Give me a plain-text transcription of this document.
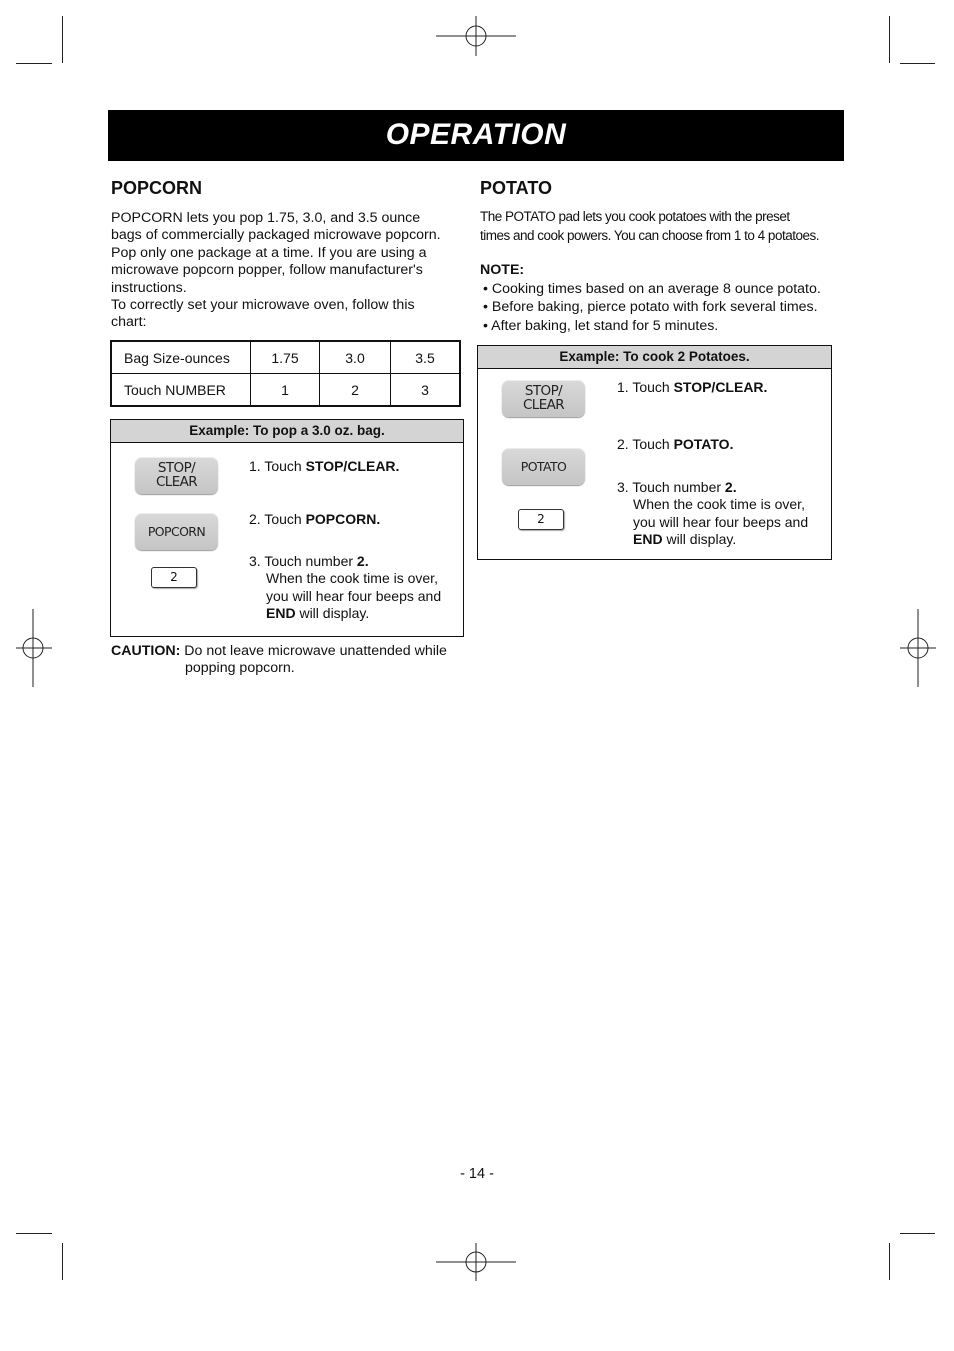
OPERATION
POPCORN
POPCORN lets you pop 1.75, 3.0, and 3.5 ounce
bags of commercially packaged microwave popcorn.
Pop only one package at a time. If you are using a
microwave popcorn popper, follow manufacturer's
instructions.
To correctly set your microwave oven, follow this
chart:
Bag Size-ounces	1.75	3.0	3.5
Touch NUMBER	1	2	3
Example: To pop a 3.0 oz. bag.
STOP/
CLEAR
POPCORN
2
1. Touch STOP/CLEAR.
2. Touch POPCORN.
3. Touch number 2.
When the cook time is over,
you will hear four beeps and
END will display.
CAUTION: Do not leave microwave unattended while
popping popcorn.
POTATO
The POTATO pad lets you cook potatoes with the preset
times and cook powers. You can choose from 1 to 4 potatoes.
NOTE:
• Cooking times based on an average 8 ounce potato.
• Before baking, pierce potato with fork several times.
• After baking, let stand for 5 minutes.
Example: To cook 2 Potatoes.
STOP/
CLEAR
POTATO
2
1. Touch STOP/CLEAR.
2. Touch POTATO.
3. Touch number 2.
When the cook time is over,
you will hear four beeps and
END will display.
- 14 -
